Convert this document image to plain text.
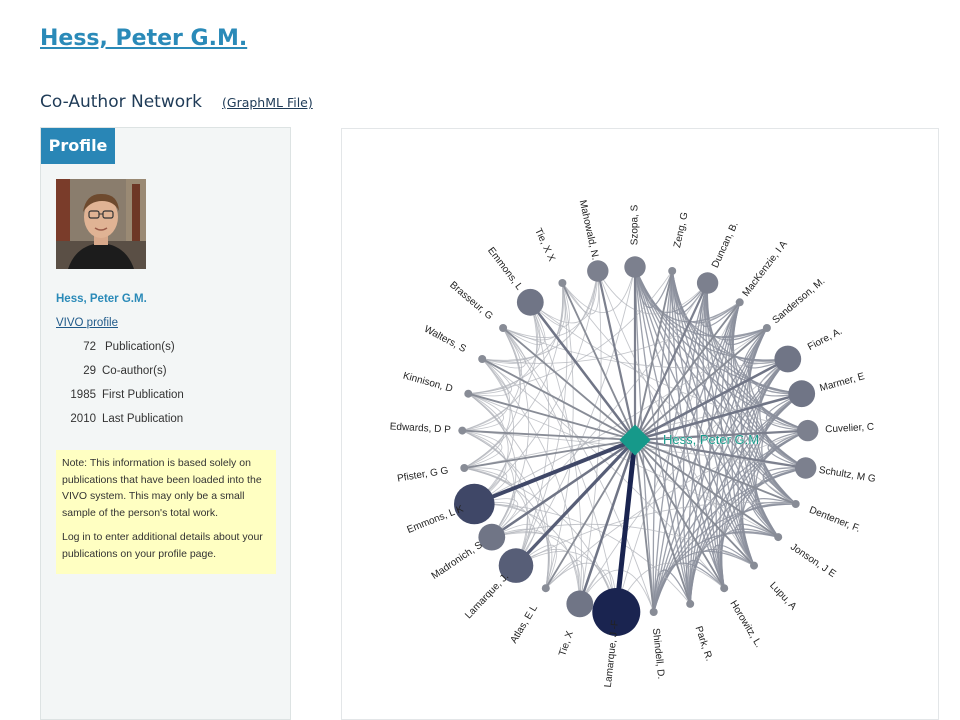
Hess, Peter G.M.
Co-Author Network (GraphML File)
Profile
Hess, Peter G.M.
VIVO profile
72 Publication(s)
29 Co-author(s)
1985 First Publication
2010 Last Publication

Note: This information is based solely on publications that have been loaded into the VIVO system. This may only be a small sample of the person's total work.

Log in to enter additional details about your publications on your profile page.

Szopa, S	Zeng, G Duncan, B. MacKenzie, I A
Sanderson, M.
Fiore, A.
Marmer, E
Cuvelier, C
Schultz, M G
Dentener, F.
Jonson, J E
Lupu, A
Horowitz, L.
Park, R.
Shindell, D.
Lamarque, J -F
Tie, X
Atlas, E L
Lamarque, J.
Madronich, S
Emmons, L K
Pfister, G G
Edwards, D P
Kinnison, D
Walters, S
Brasseur, G
Emmons, L
Tie, X X Mahowald, N.
Hess, Peter G.M
